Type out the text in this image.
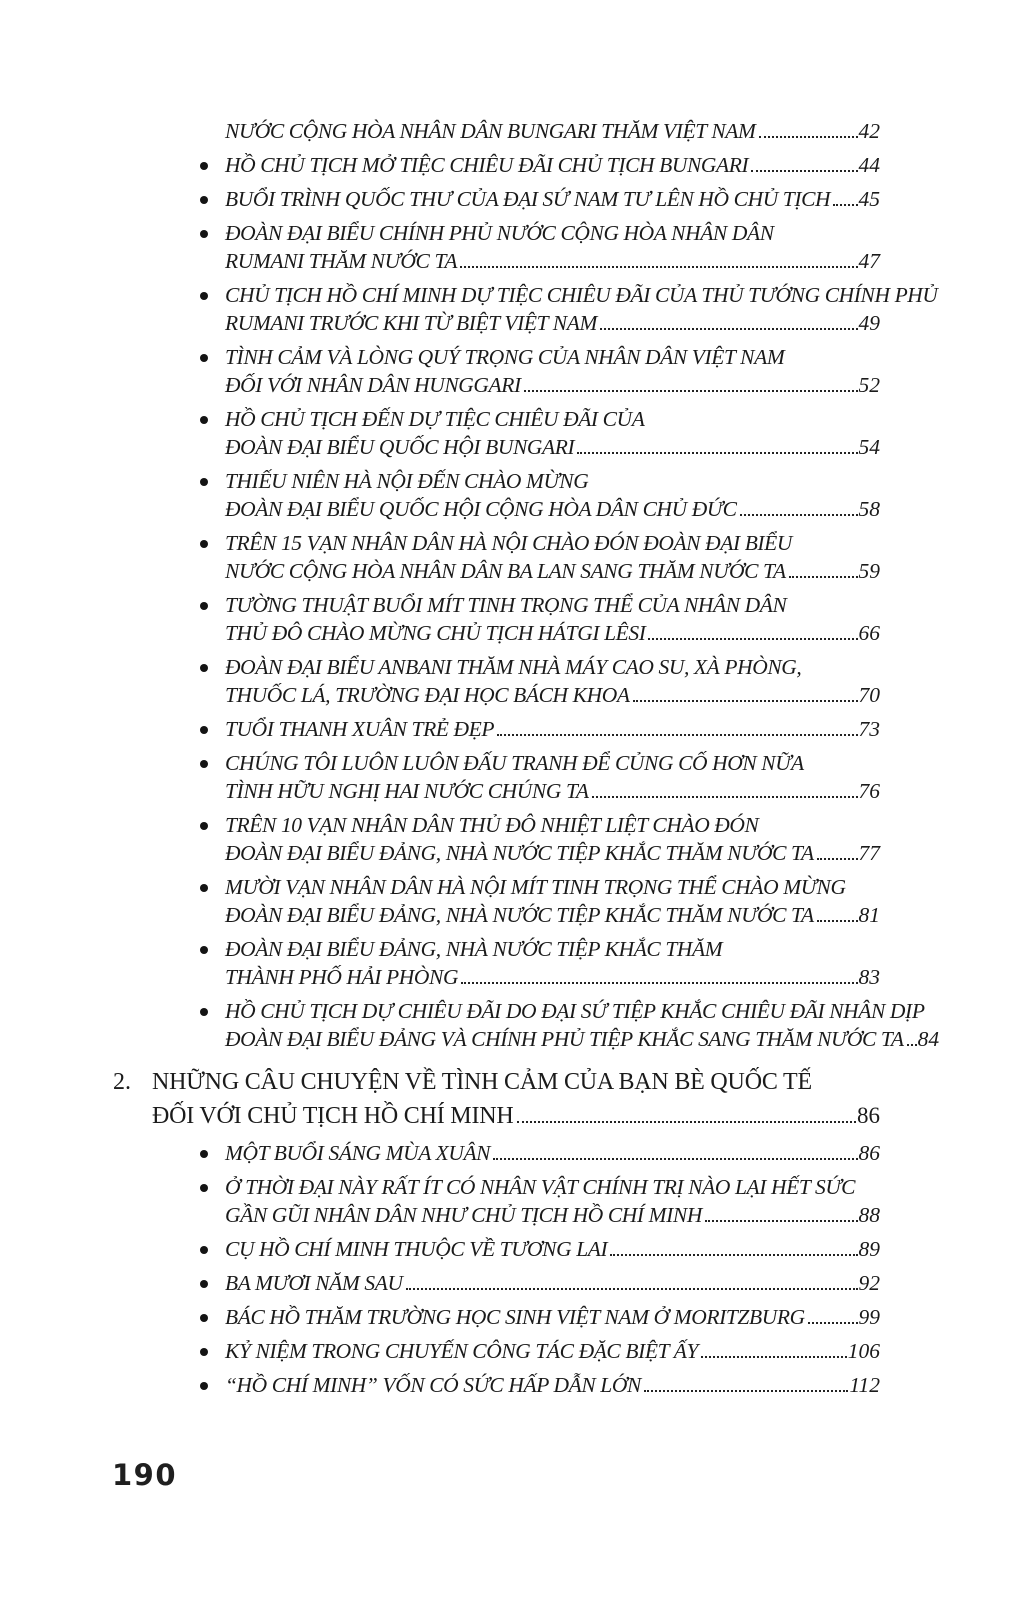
NƯỚC CỘNG HÒA NHÂN DÂN BUNGARI THĂM VIỆT NAM	42
HỒ CHỦ TỊCH MỞ TIỆC CHIÊU ĐÃI CHỦ TỊCH BUNGARI	44
BUỔI TRÌNH QUỐC THƯ CỦA ĐẠI SỨ NAM TƯ LÊN HỒ CHỦ TỊCH 45
ĐOÀN ĐẠI BIỂU CHÍNH PHỦ NƯỚC CỘNG HÒA NHÂN DÂN
RUMANI THĂM NƯỚC TA	47
CHỦ TỊCH HỒ CHÍ MINH DỰ TIỆC CHIÊU ĐÃI CỦA THỦ TƯỚNG CHÍNH PHỦ
RUMANI TRƯỚC KHI TỪ BIỆT VIỆT NAM	49
TÌNH CẢM VÀ LÒNG QUÝ TRỌNG CỦA NHÂN DÂN VIỆT NAM
ĐỐI VỚI NHÂN DÂN HUNGGARI	52
HỒ CHỦ TỊCH ĐẾN DỰ TIỆC CHIÊU ĐÃI CỦA
ĐOÀN ĐẠI BIỂU QUỐC HỘI BUNGARI	54
THIẾU NIÊN HÀ NỘI ĐẾN CHÀO MỪNG
ĐOÀN ĐẠI BIỂU QUỐC HỘI CỘNG HÒA DÂN CHỦ ĐỨC	58
TRÊN 15 VẠN NHÂN DÂN HÀ NỘI CHÀO ĐÓN ĐOÀN ĐẠI BIỂU
NƯỚC CỘNG HÒA NHÂN DÂN BA LAN SANG THĂM NƯỚC TA	59
TƯỜNG THUẬT BUỔI MÍT TINH TRỌNG THỂ CỦA NHÂN DÂN
THỦ ĐÔ CHÀO MỪNG CHỦ TỊCH HÁTGI LÊSI	66
ĐOÀN ĐẠI BIỂU ANBANI THĂM NHÀ MÁY CAO SU, XÀ PHÒNG,
THUỐC LÁ, TRƯỜNG ĐẠI HỌC BÁCH KHOA	70
TUỔI THANH XUÂN TRẺ ĐẸP	73
CHÚNG TÔI LUÔN LUÔN ĐẤU TRANH ĐỂ CỦNG CỐ HƠN NỮA
TÌNH HỮU NGHỊ HAI NƯỚC CHÚNG TA	76
TRÊN 10 VẠN NHÂN DÂN THỦ ĐÔ NHIỆT LIỆT CHÀO ĐÓN
ĐOÀN ĐẠI BIỂU ĐẢNG, NHÀ NƯỚC TIỆP KHẮC THĂM NƯỚC TA 77
MƯỜI VẠN NHÂN DÂN HÀ NỘI MÍT TINH TRỌNG THỂ CHÀO MỪNG
ĐOÀN ĐẠI BIỂU ĐẢNG, NHÀ NƯỚC TIỆP KHẮC THĂM NƯỚC TA 81
ĐOÀN ĐẠI BIỂU ĐẢNG, NHÀ NƯỚC TIỆP KHẮC THĂM
THÀNH PHỐ HẢI PHÒNG	83
HỒ CHỦ TỊCH DỰ CHIÊU ĐÃI DO ĐẠI SỨ TIỆP KHẮC CHIÊU ĐÃI NHÂN DỊP
ĐOÀN ĐẠI BIỂU ĐẢNG VÀ CHÍNH PHỦ TIỆP KHẮC SANG THĂM NƯỚC TA 84
2. NHỮNG CÂU CHUYỆN VỀ TÌNH CẢM CỦA BẠN BÈ QUỐC TẾ
ĐỐI VỚI CHỦ TỊCH HỒ CHÍ MINH	86
MỘT BUỔI SÁNG MÙA XUÂN	86
Ở THỜI ĐẠI NÀY RẤT ÍT CÓ NHÂN VẬT CHÍNH TRỊ NÀO LẠI HẾT SỨC
GẦN GŨI NHÂN DÂN NHƯ CHỦ TỊCH HỒ CHÍ MINH	88
CỤ HỒ CHÍ MINH THUỘC VỀ TƯƠNG LAI	89
BA MƯƠI NĂM SAU	92
BÁC HỒ THĂM TRƯỜNG HỌC SINH VIỆT NAM Ở MORITZBURG	99
KỶ NIỆM TRONG CHUYẾN CÔNG TÁC ĐẶC BIỆT ẤY	106
“HỒ CHÍ MINH” VỐN CÓ SỨC HẤP DẪN LỚN	112
190
